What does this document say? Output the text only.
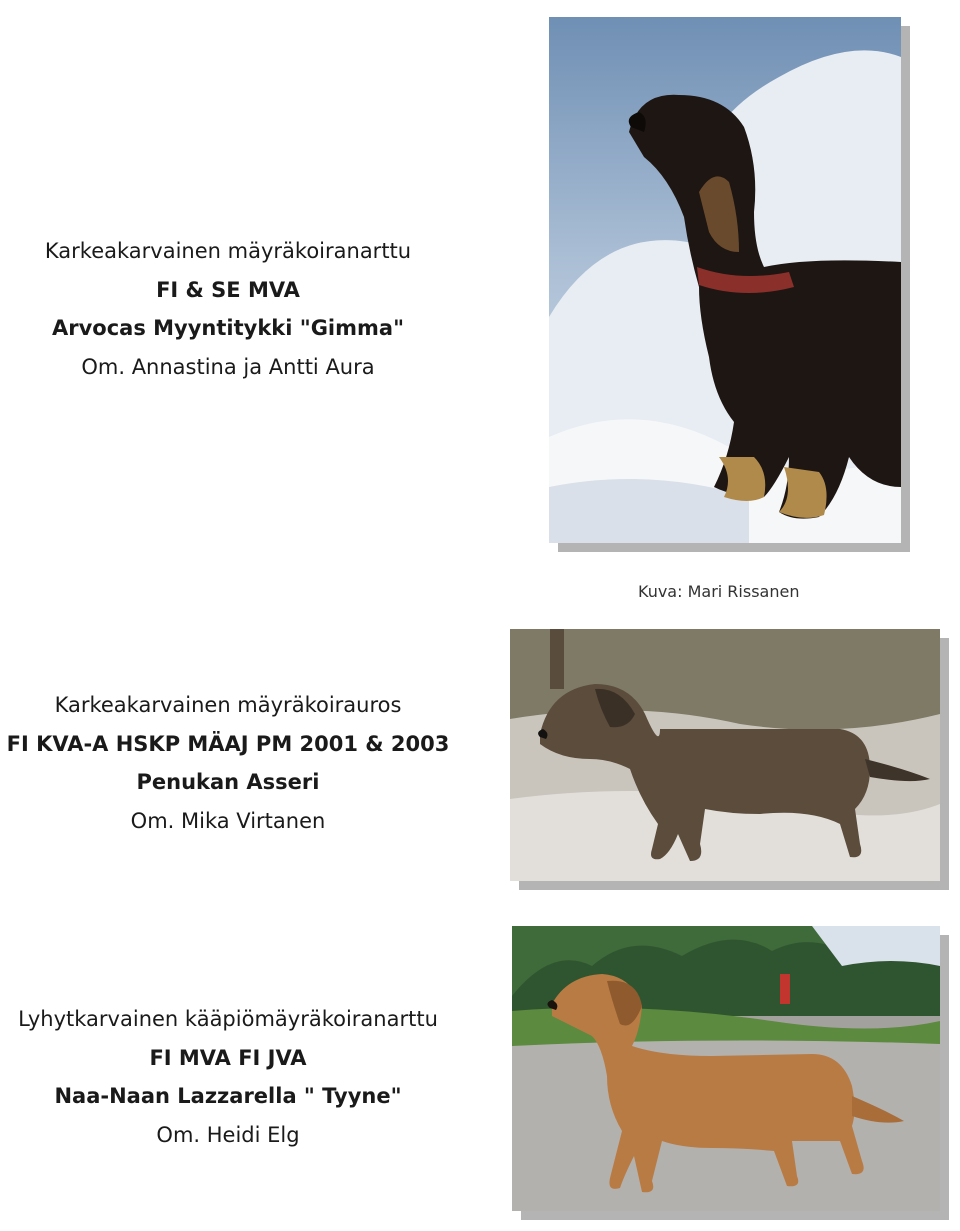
Karkeakarvainen mäyräkoiranarttu
FI & SE MVA
Arvocas Myyntitykki "Gimma"
Om. Annastina ja Antti Aura
Kuva: Mari Rissanen
Karkeakarvainen mäyräkoirauros
FI KVA-A HSKP MÄAJ PM 2001 & 2003
Penukan Asseri
Om. Mika Virtanen
Lyhytkarvainen kääpiömäyräkoiranarttu
FI MVA FI JVA
Naa-Naan Lazzarella " Tyyne"
Om. Heidi Elg
